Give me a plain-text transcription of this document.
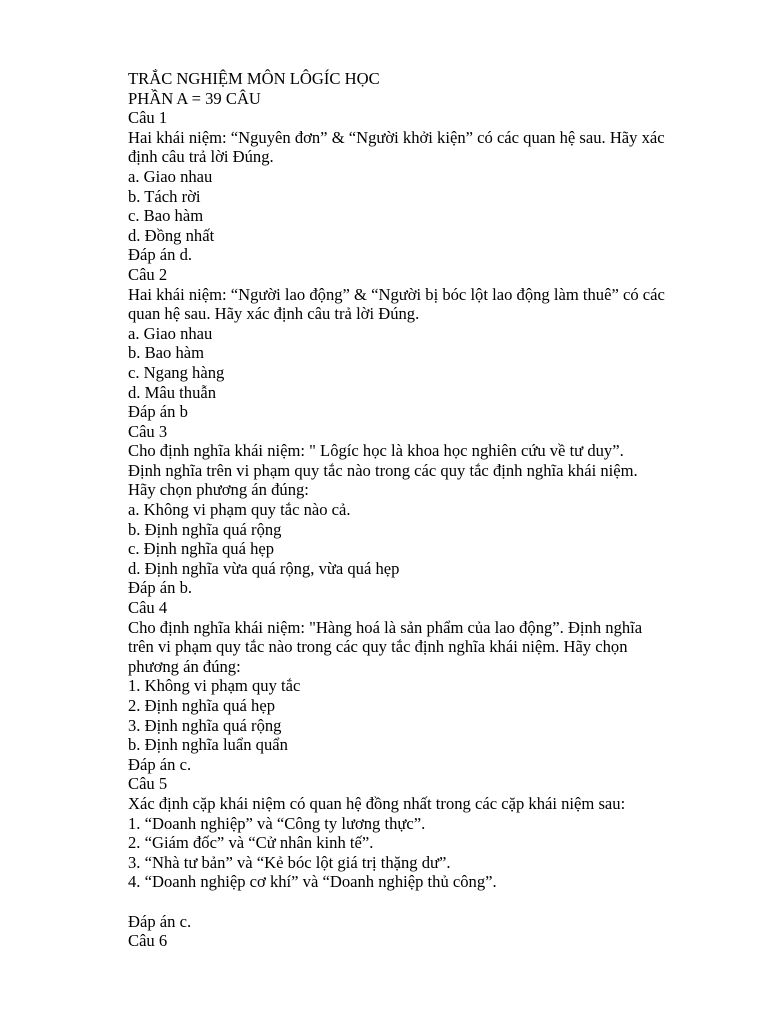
TRẮC NGHIỆM MÔN LÔGÍC HỌC
PHẦN A = 39 CÂU
Câu 1
Hai khái niệm: “Nguyên đơn” & “Người khởi kiện” có các quan hệ sau. Hãy xác
định câu trả lời Đúng.
a. Giao nhau
b. Tách rời
c. Bao hàm
d. Đồng nhất
Đáp án d.
Câu 2
Hai khái niệm: “Người lao động” & “Người bị bóc lột lao động làm thuê” có các
quan hệ sau. Hãy xác định câu trả lời Đúng.
a. Giao nhau
b. Bao hàm
c. Ngang hàng
d. Mâu thuẫn
Đáp án b
Câu 3
Cho định nghĩa khái niệm: " Lôgíc học là khoa học nghiên cứu về tư duy”.
Định nghĩa trên vi phạm quy tắc nào trong các quy tắc định nghĩa khái niệm.
Hãy chọn phương án đúng:
a. Không vi phạm quy tắc nào cả.
b. Định nghĩa quá rộng
c. Định nghĩa quá hẹp
d. Định nghĩa vừa quá rộng, vừa quá hẹp
Đáp án b.
Câu 4
Cho định nghĩa khái niệm: "Hàng hoá là sản phẩm của lao động”. Định nghĩa
trên vi phạm quy tắc nào trong các quy tắc định nghĩa khái niệm. Hãy chọn
phương án đúng:
1. Không vi phạm quy tắc
2. Định nghĩa quá hẹp
3. Định nghĩa quá rộng
b. Định nghĩa luẩn quẩn
Đáp án c.
Câu 5
Xác định cặp khái niệm có quan hệ đồng nhất trong các cặp khái niệm sau:
1. “Doanh nghiệp” và “Công ty lương thực”.
2. “Giám đốc” và “Cử nhân kinh tế”.
3. “Nhà tư bản” và “Kẻ bóc lột giá trị thặng dư”.
4. “Doanh nghiệp cơ khí” và “Doanh nghiệp thủ công”.
Đáp án c.
Câu 6
